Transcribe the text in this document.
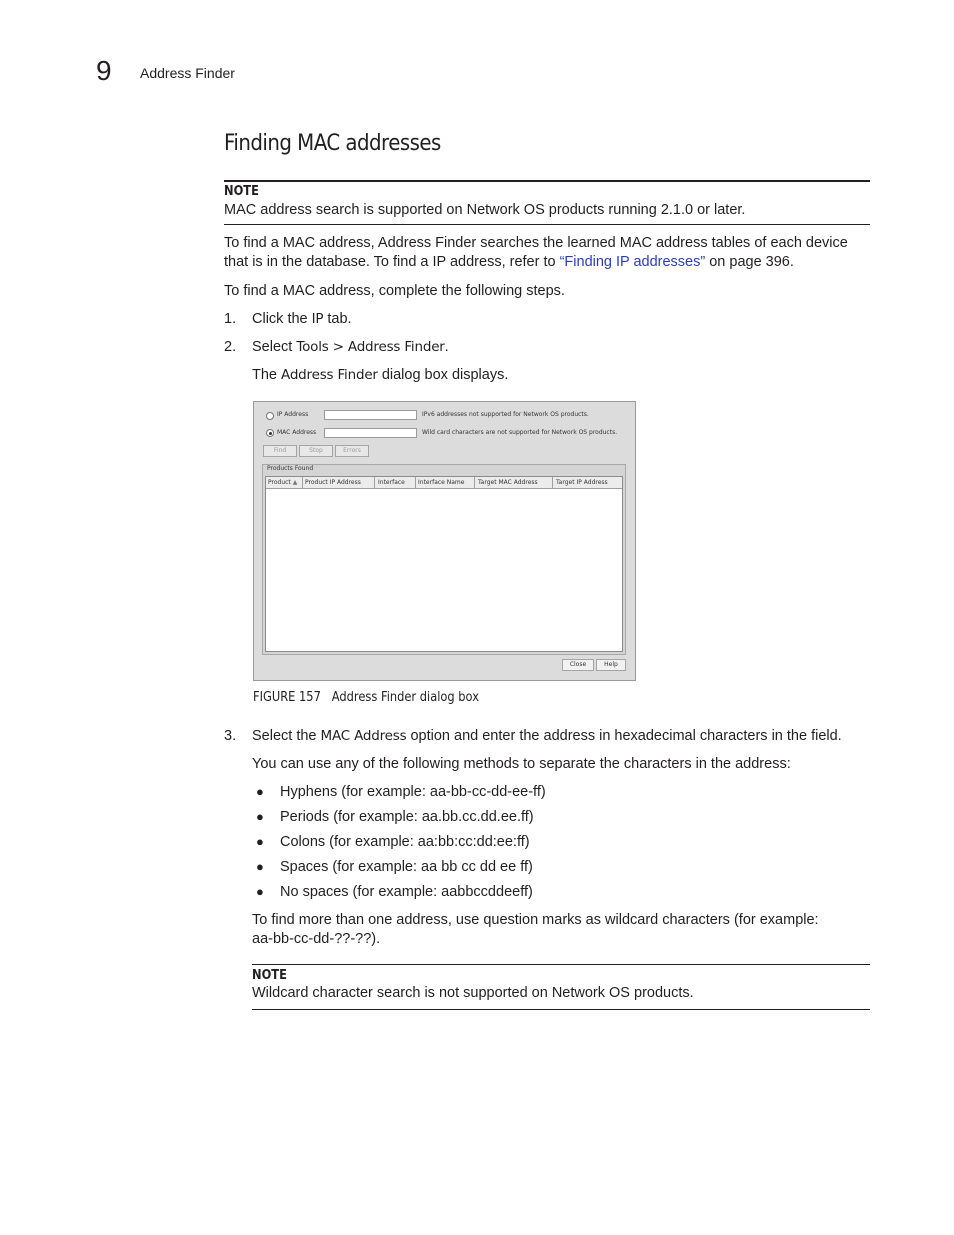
9 Address Finder
Finding MAC addresses
NOTE
MAC address search is supported on Network OS products running 2.1.0 or later.
To find a MAC address, Address Finder searches the learned MAC address tables of each device
that is in the database. To find a IP address, refer to “Finding IP addresses” on page 396.
To find a MAC address, complete the following steps.
1. Click the IP tab.
2. Select Tools > Address Finder.
The Address Finder dialog box displays.
IP Address	IPv6 addresses not supported for Network OS products.
MAC Address	Wild card characters are not supported for Network OS products.
Find	Stop	Errors
Products Found
Product ▲	Product IP Address	Interface	Interface Name	Target MAC Address	Target IP Address
Close	Help
FIGURE 157 Address Finder dialog box
3. Select the MAC Address option and enter the address in hexadecimal characters in the field.
You can use any of the following methods to separate the characters in the address:
● Hyphens (for example: aa-bb-cc-dd-ee-ff)
● Periods (for example: aa.bb.cc.dd.ee.ff)
● Colons (for example: aa:bb:cc:dd:ee:ff)
● Spaces (for example: aa bb cc dd ee ff)
● No spaces (for example: aabbccddeeff)
To find more than one address, use question marks as wildcard characters (for example:
aa-bb-cc-dd-??-??).
NOTE
Wildcard character search is not supported on Network OS products.
